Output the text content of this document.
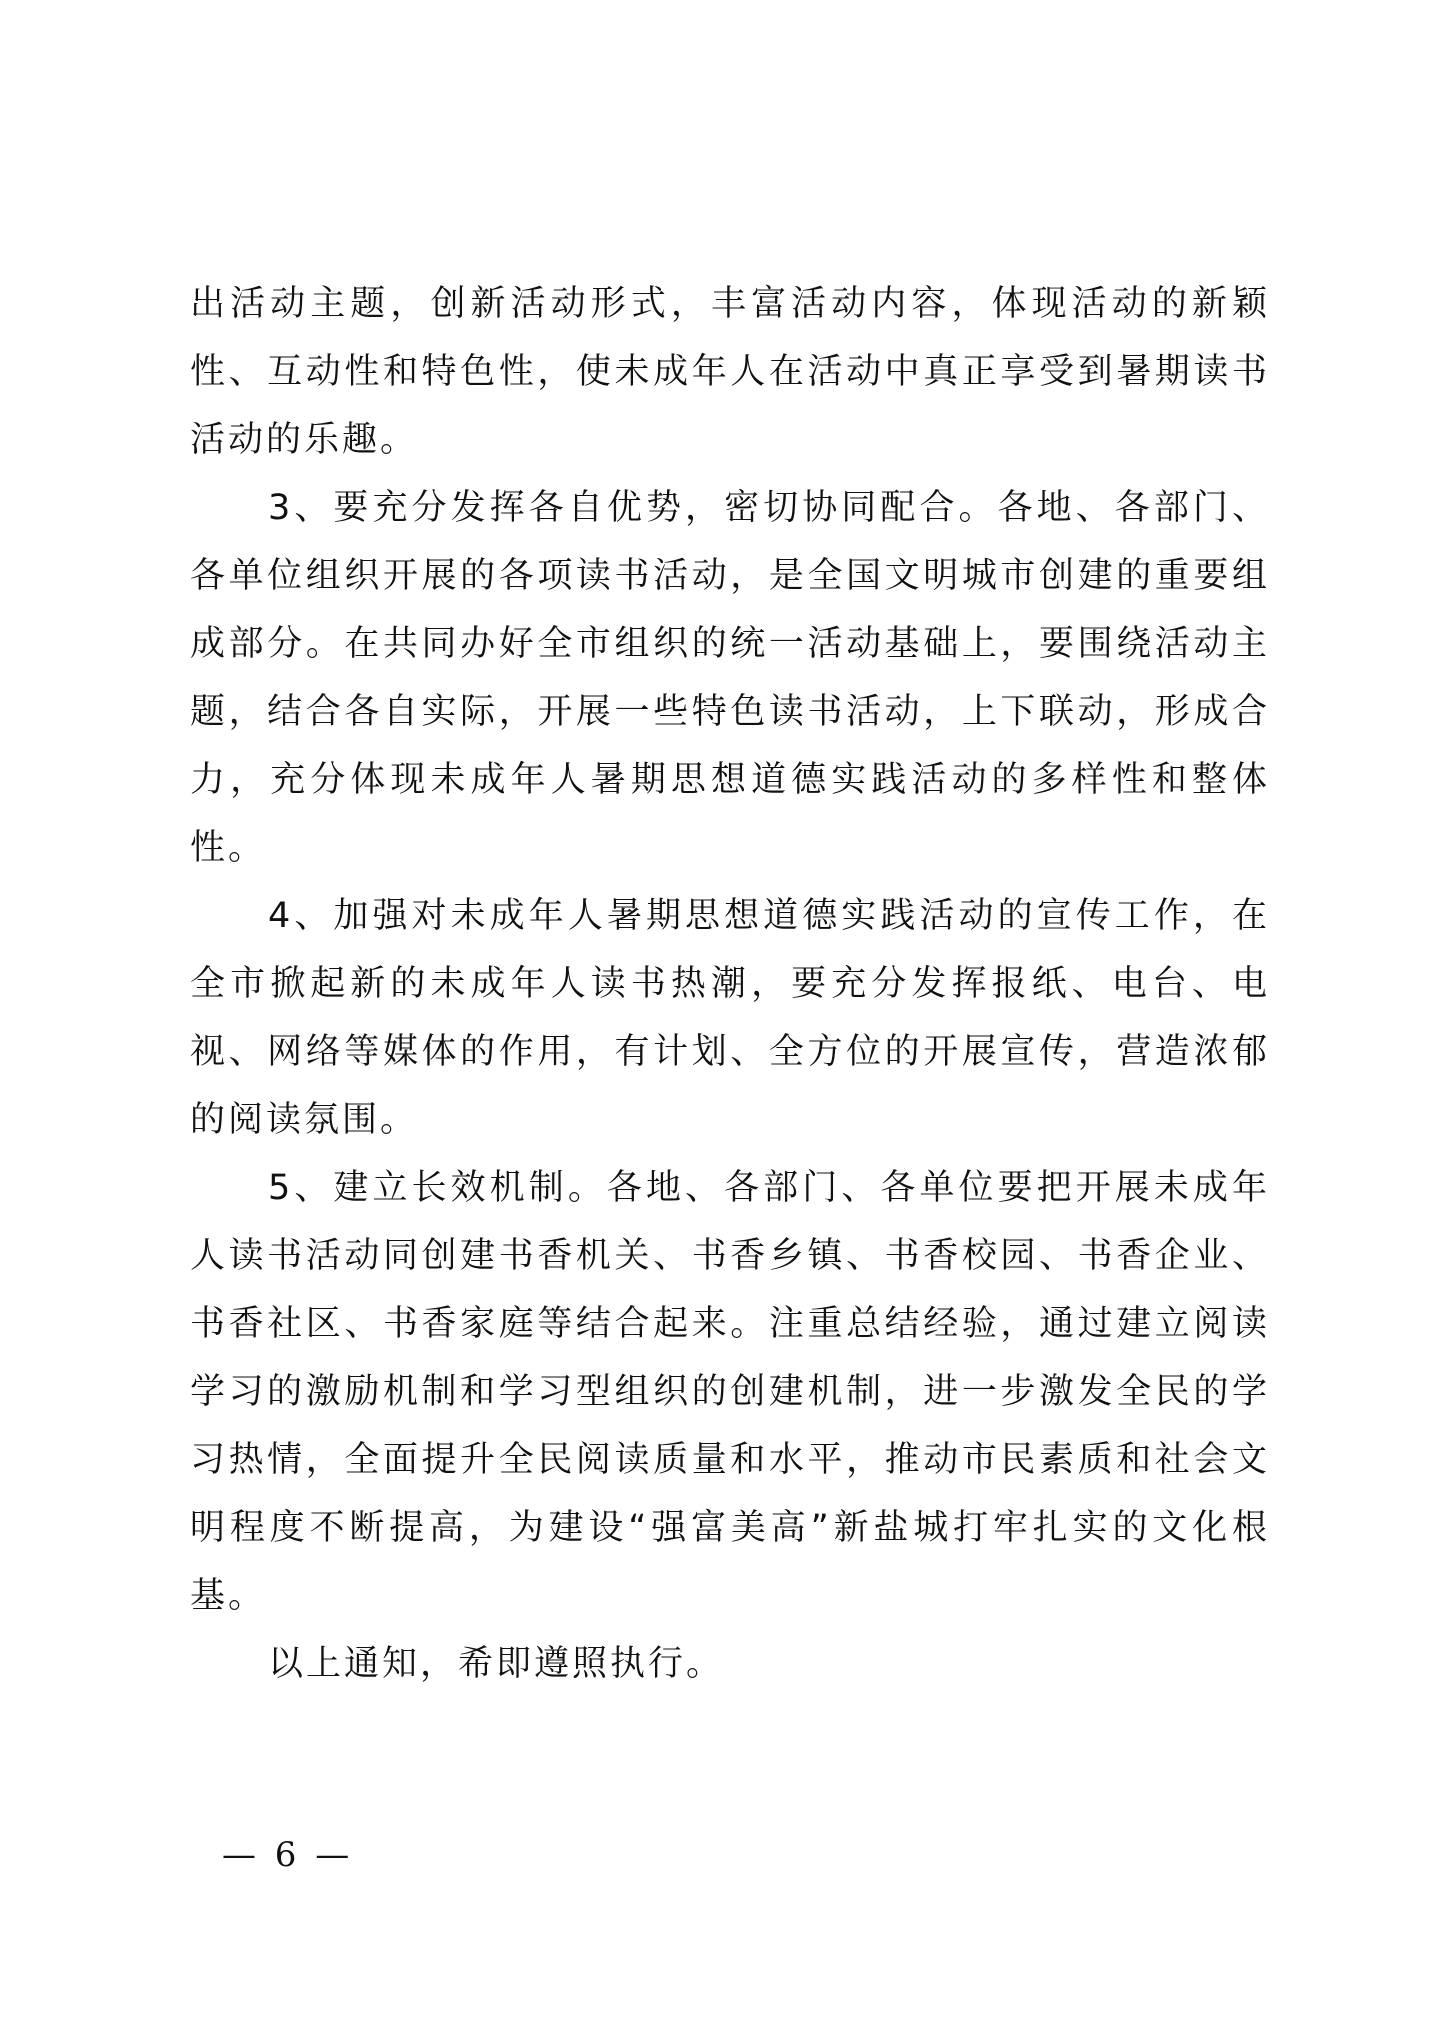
出活动主题，创新活动形式，丰富活动内容，体现活动的新颖性、互动性和特色性，使未成年人在活动中真正享受到暑期读书活动的乐趣。

3、要充分发挥各自优势，密切协同配合。各地、各部门、各单位组织开展的各项读书活动，是全国文明城市创建的重要组成部分。在共同办好全市组织的统一活动基础上，要围绕活动主题，结合各自实际，开展一些特色读书活动，上下联动，形成合力，充分体现未成年人暑期思想道德实践活动的多样性和整体性。

4、加强对未成年人暑期思想道德实践活动的宣传工作，在全市掀起新的未成年人读书热潮，要充分发挥报纸、电台、电视、网络等媒体的作用，有计划、全方位的开展宣传，营造浓郁的阅读氛围。

5、建立长效机制。各地、各部门、各单位要把开展未成年人读书活动同创建书香机关、书香乡镇、书香校园、书香企业、书香社区、书香家庭等结合起来。注重总结经验，通过建立阅读学习的激励机制和学习型组织的创建机制，进一步激发全民的学习热情，全面提升全民阅读质量和水平，推动市民素质和社会文明程度不断提高，为建设“强富美高”新盐城打牢扎实的文化根基。

以上通知，希即遵照执行。

— 6 —
